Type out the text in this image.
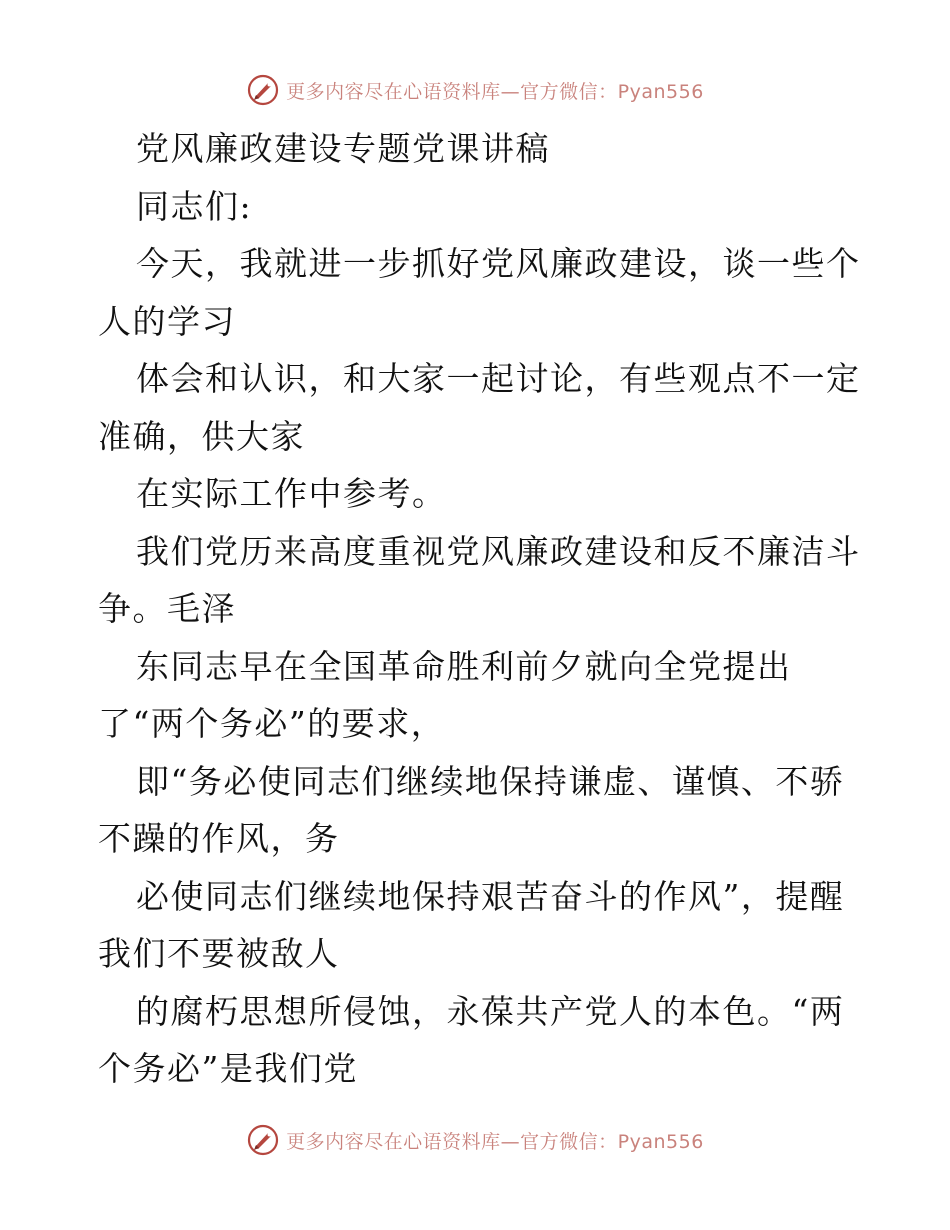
更多内容尽在心语资料库—官方微信：Pyan556
党风廉政建设专题党课讲稿
同志们:
今天，我就进一步抓好党风廉政建设，谈一些个
人的学习
体会和认识，和大家一起讨论，有些观点不一定
准确，供大家
在实际工作中参考。
我们党历来高度重视党风廉政建设和反不廉洁斗
争。毛泽
东同志早在全国革命胜利前夕就向全党提出
了“两个务必”的要求，
即“务必使同志们继续地保持谦虚、谨慎、不骄
不躁的作风，务
必使同志们继续地保持艰苦奋斗的作风”，提醒
我们不要被敌人
的腐朽思想所侵蚀，永葆共产党人的本色。“两
个务必”是我们党
更多内容尽在心语资料库—官方微信：Pyan556
